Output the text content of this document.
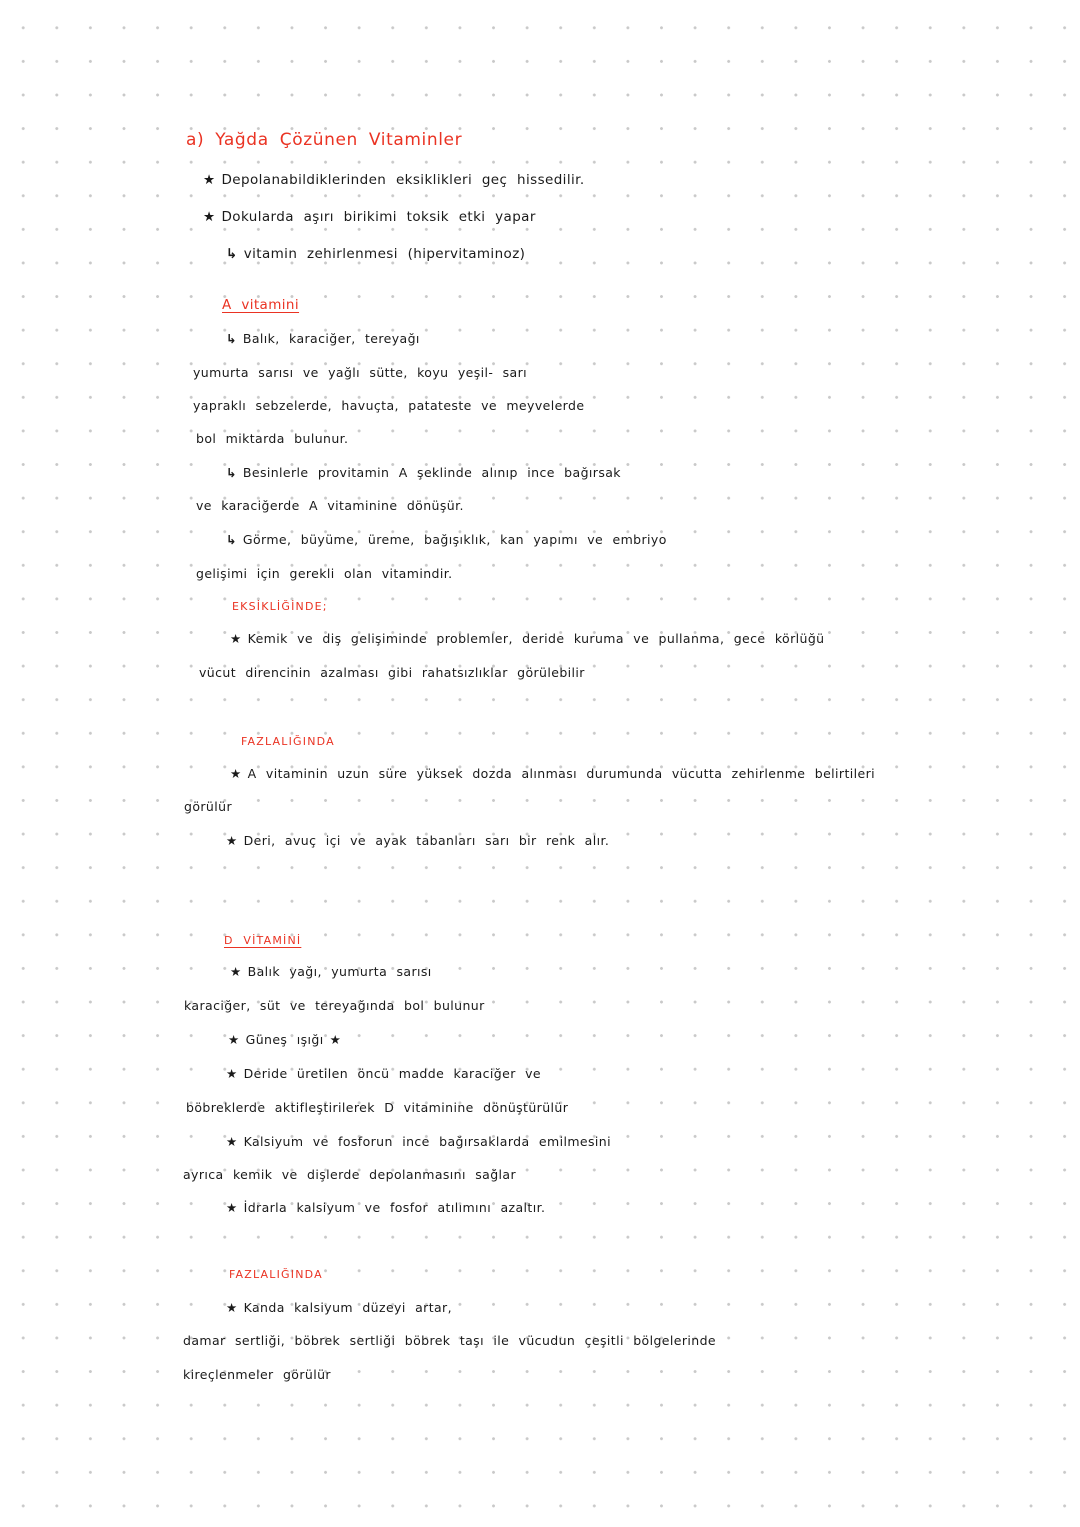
a) Yağda Çözünen Vitaminler
★ Depolanabildiklerinden eksiklikleri geç hissedilir.
★ Dokularda aşırı birikimi toksik etki yapar
↳ vitamin zehirlenmesi (hipervitaminoz)
A vitamini
↳ Balık, karaciğer, tereyağı
yumurta sarısı ve yağlı sütte, koyu yeşil- sarı
yapraklı sebzelerde, havuçta, patateste ve meyvelerde
bol miktarda bulunur.
↳ Besinlerle provitamin A şeklinde alınıp ince bağırsak
ve karaciğerde A vitaminine dönüşür.
↳ Görme, büyüme, üreme, bağışıklık, kan yapımı ve embriyo
gelişimi için gerekli olan vitamindir.
EKSİKLİĞİNDE;
★ Kemik ve diş gelişiminde problemler, deride kuruma ve pullanma, gece körlüğü
vücut direncinin azalması gibi rahatsızlıklar görülebilir
FAZLALIĞINDA
★ A vitaminin uzun süre yüksek dozda alınması durumunda vücutta zehirlenme belirtileri
görülür
★ Deri, avuç içi ve ayak tabanları sarı bir renk alır.
D VİTAMİNİ
★ Balık yağı, yumurta sarısı
karaciğer, süt ve tereyağında bol bulunur
★ Güneş ışığı ★
★ Deride üretilen öncü madde karaciğer ve
böbreklerde aktifleştirilerek D vitaminine dönüştürülür
★ Kalsiyum ve fosforun ince bağırsaklarda emilmesini
ayrıca kemik ve dişlerde depolanmasını sağlar
★ İdrarla kalsiyum ve fosfor atılımını azaltır.
FAZLALIĞINDA
★ Kanda kalsiyum düzeyi artar,
damar sertliği, böbrek sertliği böbrek taşı ile vücudun çeşitli bölgelerinde
kireçlenmeler görülür
